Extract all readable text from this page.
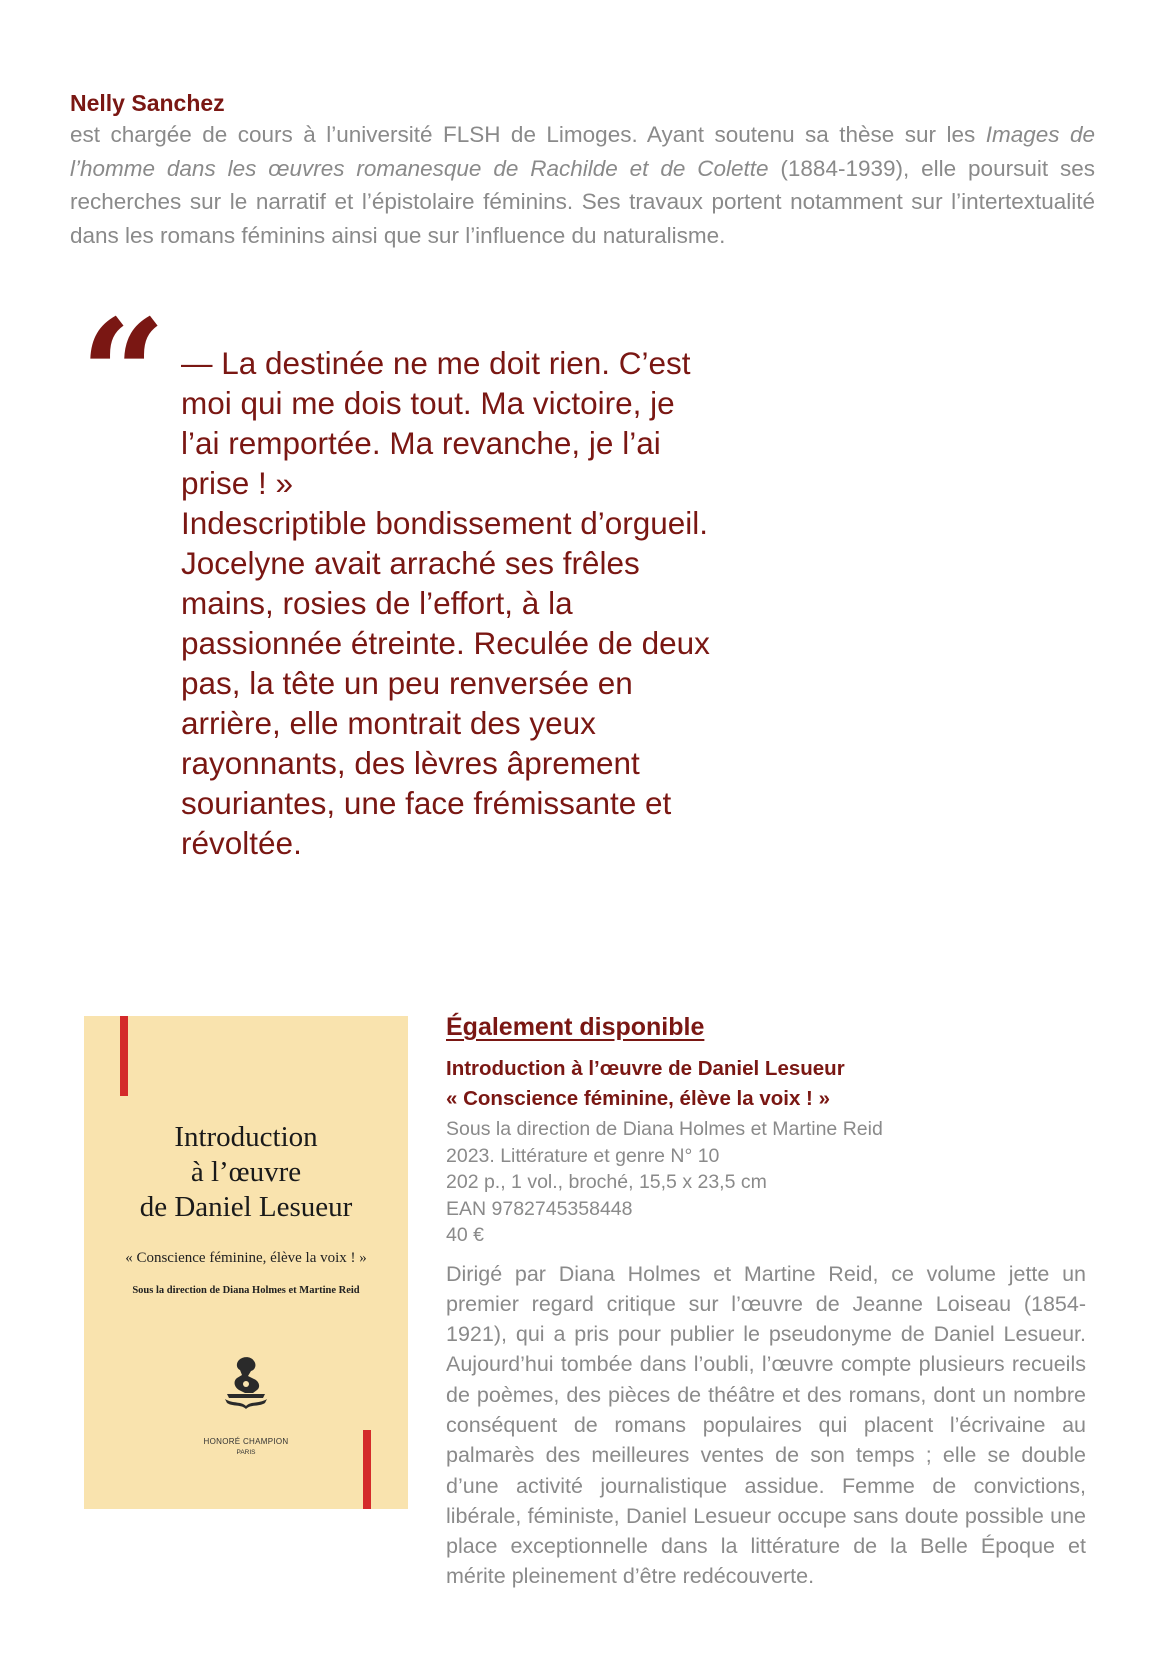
Nelly Sanchez
est chargée de cours à l’université FLSH de Limoges. Ayant soutenu sa thèse sur les Images de l’homme dans les œuvres romanesque de Rachilde et de Colette (1884-1939), elle poursuit ses recherches sur le narratif et l’épistolaire féminins. Ses travaux portent notamment sur l’intertextualité dans les romans féminins ainsi que sur l’influence du naturalisme.
“ — La destinée ne me doit rien. C’est moi qui me dois tout. Ma victoire, je l’ai remportée. Ma revanche, je l’ai prise ! »

Indescriptible bondissement d’orgueil. Jocelyne avait arraché ses frêles mains, rosies de l’effort, à la passionnée étreinte. Reculée de deux pas, la tête un peu renversée en arrière, elle montrait des yeux rayonnants, des lèvres âprement souriantes, une face frémissante et révoltée.

Introduction
à l’œuvre
de Daniel Lesueur
« Conscience féminine, élève la voix ! »
Sous la direction de Diana Holmes et Martine Reid
HONORÉ CHAMPION
PARIS
Également disponible
Introduction à l’œuvre de Daniel Lesueur
« Conscience féminine, élève la voix ! »
Sous la direction de Diana Holmes et Martine Reid
2023. Littérature et genre N° 10
202 p., 1 vol., broché, 15,5 x 23,5 cm
EAN 9782745358448
40 €
Dirigé par Diana Holmes et Martine Reid, ce volume jette un premier regard critique sur l’œuvre de Jeanne Loiseau (1854-1921), qui a pris pour publier le pseudonyme de Daniel Lesueur. Aujourd’hui tombée dans l’oubli, l’œuvre compte plusieurs recueils de poèmes, des pièces de théâtre et des romans, dont un nombre conséquent de romans populaires qui placent l’écrivaine au palmarès des meilleures ventes de son temps ; elle se double d’une activité journalistique assidue. Femme de convictions, libérale, féministe, Daniel Lesueur occupe sans doute possible une place exceptionnelle dans la littérature de la Belle Époque et mérite pleinement d’être redécouverte.
